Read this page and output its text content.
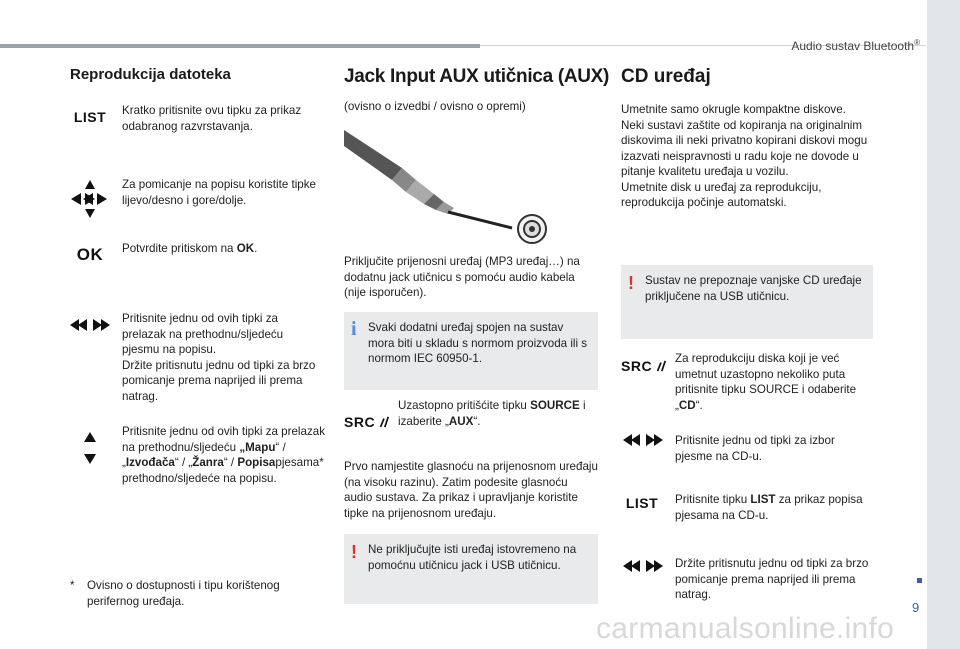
Audio sustav Bluetooth®
9
Reprodukcija datoteka
LIST Kratko pritisnite ovu tipku za prikaz odabranog razvrstavanja.

Za pomicanje na popisu koristite tipke lijevo/desno i gore/dolje.

OK Potvrdite pritiskom na OK.

Pritisnite jednu od ovih tipki za prelazak na prethodnu/sljedeću pjesmu na popisu.
Držite pritisnutu jednu od tipki za brzo pomicanje prema naprijed ili prema natrag.

Pritisnite jednu od ovih tipki za prelazak na prethodnu/sljedeću „Mapu“ / „Izvođača“ / „Žanra“ / Popisapjesama* prethodno/sljedeće na popisu.

* Ovisno o dostupnosti i tipu korištenog perifernog uređaja.

Jack Input AUX utičnica (AUX)

(ovisno o izvedbi / ovisno o opremi)

Priključite prijenosni uređaj (MP3 uređaj…) na dodatnu jack utičnicu s pomoću audio kabela (nije isporučen).

i Svaki dodatni uređaj spojen na sustav mora biti u skladu s normom proizvoda ili s normom IEC 60950-1.
SRC

Uzastopno pritišćite tipku SOURCE i izaberite „AUX“.

Prvo namjestite glasnoću na prijenosnom uređaju (na visoku razinu). Zatim podesite glasnoću audio sustava. Za prikaz i upravljanje koristite tipke na prijenosnom uređaju.

! Ne priključujte isti uređaj istovremeno na pomoćnu utičnicu jack i USB utičnicu.
CD uređaj

Umetnite samo okrugle kompaktne diskove.
Neki sustavi zaštite od kopiranja na originalnim diskovima ili neki privatno kopirani diskovi mogu izazvati neispravnosti u radu koje ne dovode u pitanje kvalitetu uređaja u vozilu.
Umetnite disk u uređaj za reprodukciju, reprodukcija počinje automatski.

! Sustav ne prepoznaje vanjske CD uređaje priključene na USB utičnicu.
SRC Za reprodukciju diska koji je već umetnut uzastopno nekoliko puta pritisnite tipku SOURCE i odaberite „CD“.

Pritisnite jednu od tipki za izbor pjesme na CD-u.

LIST Pritisnite tipku LIST za prikaz popisa pjesama na CD-u.

Držite pritisnutu jednu od tipki za brzo pomicanje prema naprijed ili prema natrag.

carmanualsonline.info
